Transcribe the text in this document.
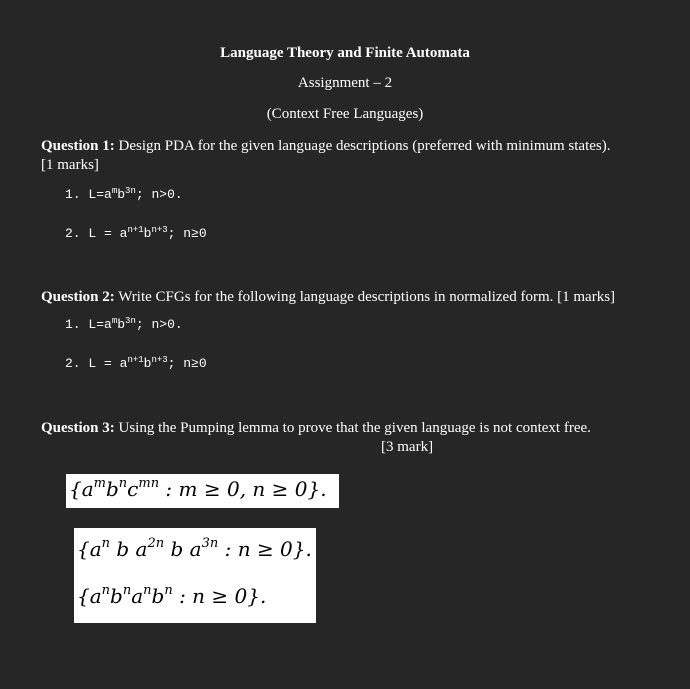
Language Theory and Finite Automata
Assignment – 2
(Context Free Languages)
Question 1: Design PDA for the given language descriptions (preferred with minimum states).
[1 marks]
1. $L=a^mb^{3n}$; n>0.
2. $L = a^{n+1}b^{n+3}$; n≥0
Question 2: Write CFGs for the following language descriptions in normalized form. [1 marks]
1. $L=a^mb^{3n}$; n>0.
2. $L = a^{n+1}b^{n+3}$; n≥0
Question 3: Using the Pumping lemma to prove that the given language is not context free.
[3 mark]
{$a^mb^nc^{mn}$ : m ≥ 0, n ≥ 0}.
{$a^n$ b $a^{2n}$ b $a^{3n}$ : n ≥ 0}.
{$a^nb^na^nb^n$ : n ≥ 0}.
